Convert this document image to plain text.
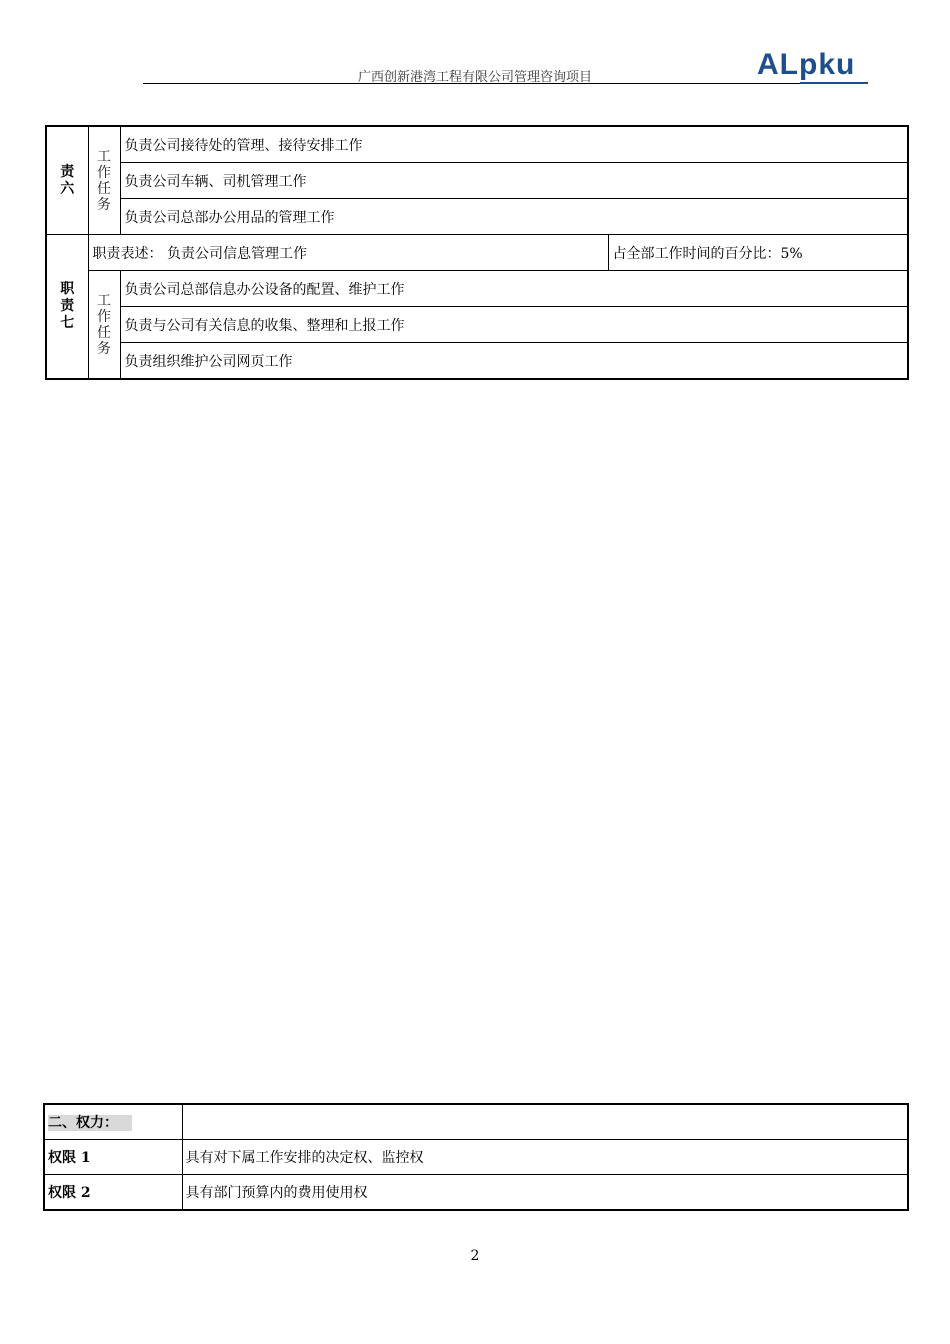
广西创新港湾工程有限公司管理咨询项目	AL pku
责六	工作任务	负责公司接待处的管理、接待安排工作	
		负责公司车辆、司机管理工作	
		负责公司总部办公用品的管理工作	
职责七	职责表述： 负责公司信息管理工作		占全部工作时间的百分比：5%
	工作任务	负责公司总部信息办公设备的配置、维护工作	
		负责与公司有关信息的收集、整理和上报工作	
		负责组织维护公司网页工作	
二、权力：	
权限 1	具有对下属工作安排的决定权、监控权
权限 2	具有部门预算内的费用使用权
2
